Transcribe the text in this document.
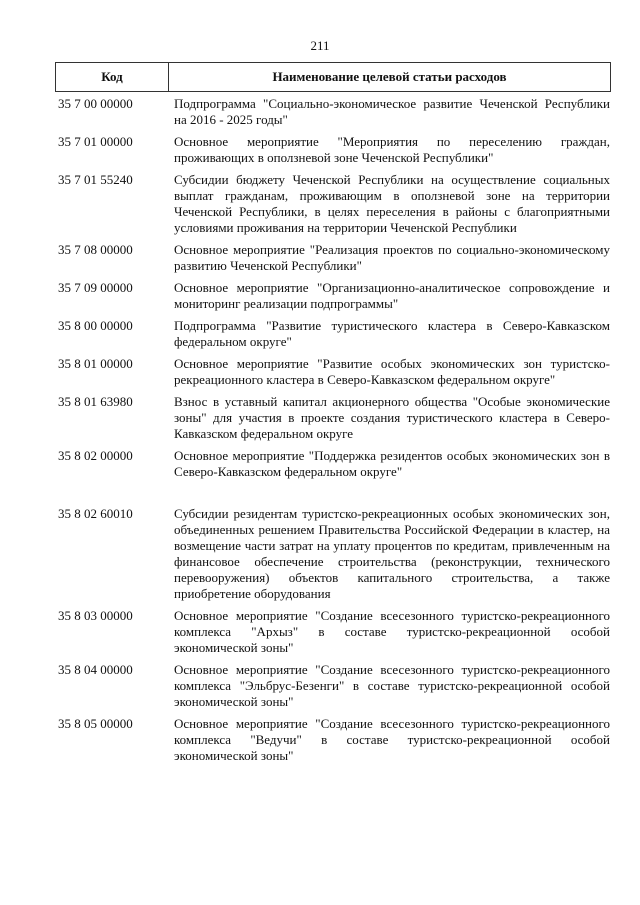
211
Код	Наименование целевой статьи расходов
35 7 00 00000	Подпрограмма "Социально-экономическое развитие Чеченской Республики на 2016 - 2025 годы"
35 7 01 00000	Основное мероприятие "Мероприятия по переселению граждан, проживающих в оползневой зоне Чеченской Республики"
35 7 01 55240	Субсидии бюджету Чеченской Республики на осуществление социальных выплат гражданам, проживающим в оползневой зоне на территории Чеченской Республики, в целях переселения в районы с благоприятными условиями проживания на территории Чеченской Республики
35 7 08 00000	Основное мероприятие "Реализация проектов по социально-экономическому развитию Чеченской Республики"
35 7 09 00000	Основное мероприятие "Организационно-аналитическое сопровождение и мониторинг реализации подпрограммы"
35 8 00 00000	Подпрограмма "Развитие туристического кластера в Северо-Кавказском федеральном округе"
35 8 01 00000	Основное мероприятие "Развитие особых экономических зон туристско-рекреационного кластера в Северо-Кавказском федеральном округе"
35 8 01 63980	Взнос в уставный капитал акционерного общества "Особые экономические зоны" для участия в проекте создания туристического кластера в Северо-Кавказском федеральном округе
35 8 02 00000	Основное мероприятие "Поддержка резидентов особых экономических зон в Северо-Кавказском федеральном округе"
35 8 02 60010	Субсидии резидентам туристско-рекреационных особых экономических зон, объединенных решением Правительства Российской Федерации в кластер, на возмещение части затрат на уплату процентов по кредитам, привлеченным на финансовое обеспечение строительства (реконструкции, технического перевооружения) объектов капитального строительства, а также приобретение оборудования
35 8 03 00000	Основное мероприятие "Создание всесезонного туристско-рекреационного комплекса "Архыз" в составе туристско-рекреационной особой экономической зоны"
35 8 04 00000	Основное мероприятие "Создание всесезонного туристско-рекреационного комплекса "Эльбрус-Безенги" в составе туристско-рекреационной особой экономической зоны"
35 8 05 00000	Основное мероприятие "Создание всесезонного туристско-рекреационного комплекса "Ведучи" в составе туристско-рекреационной особой экономической зоны"
